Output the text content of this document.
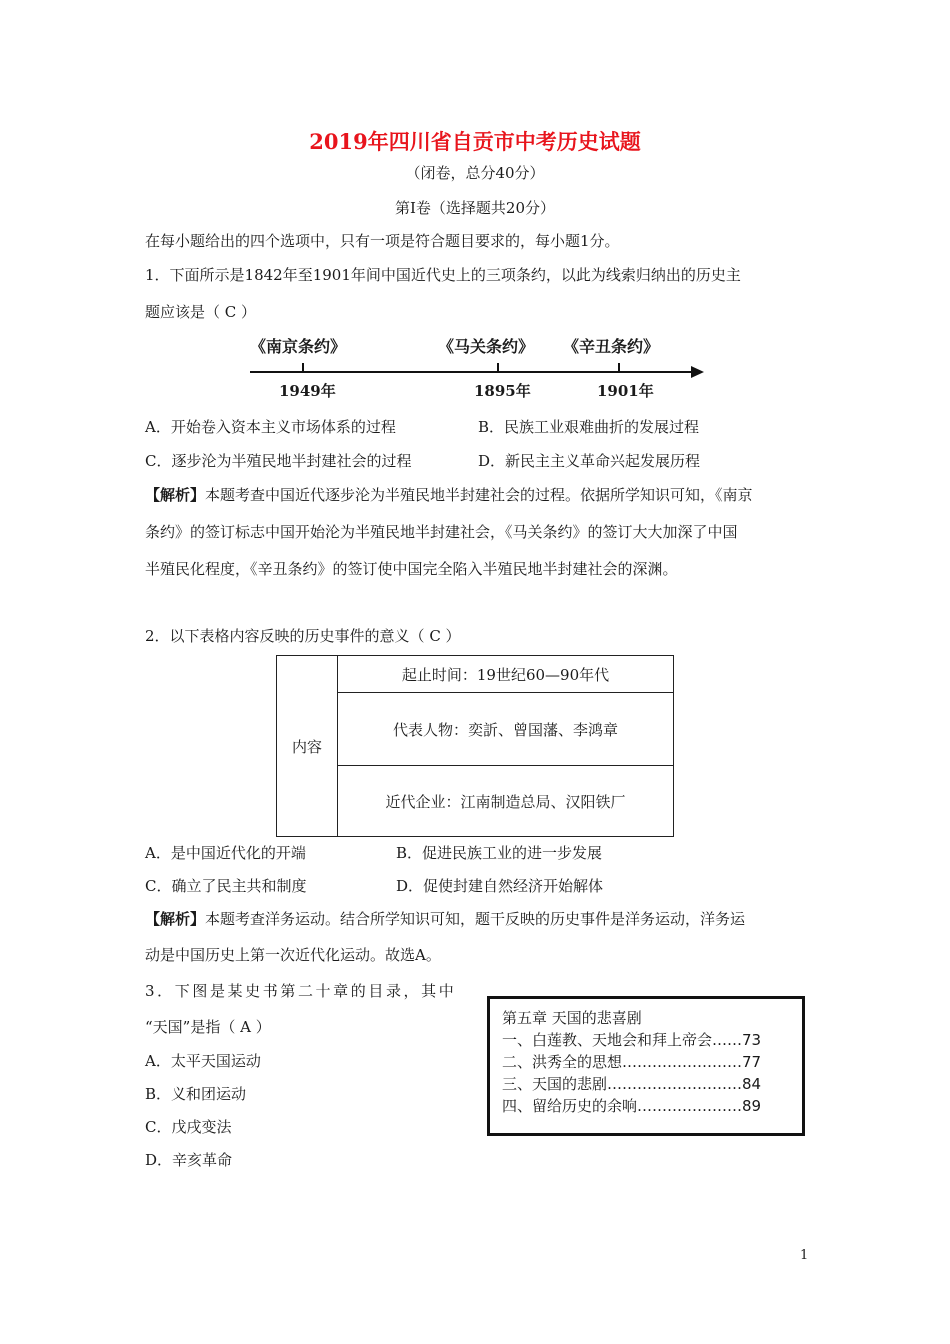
2019年四川省自贡市中考历史试题
（闭卷，总分40分）
第Ⅰ卷（选择题共20分）
在每小题给出的四个选项中，只有一项是符合题目要求的，每小题1分。
1．下面所示是1842年至1901年间中国近代史上的三项条约，以此为线索归纳出的历史主
题应该是（ C ）
《南京条约》	《马关条约》 《辛丑条约》
1949年	1895年	1901年
A．开始卷入资本主义市场体系的过程	B．民族工业艰难曲折的发展过程
C．逐步沦为半殖民地半封建社会的过程	D．新民主主义革命兴起发展历程
【解析】本题考查中国近代逐步沦为半殖民地半封建社会的过程。依据所学知识可知，《南京
条约》的签订标志中国开始沦为半殖民地半封建社会，《马关条约》的签订大大加深了中国
半殖民化程度，《辛丑条约》的签订使中国完全陷入半殖民地半封建社会的深渊。
2．以下表格内容反映的历史事件的意义（ C ）
内容
起止时间：19世纪60—90年代
代表人物：奕訢、曾国藩、李鸿章
近代企业：江南制造总局、汉阳铁厂
A．是中国近代化的开端	B．促进民族工业的进一步发展
C．确立了民主共和制度	D．促使封建自然经济开始解体
【解析】本题考查洋务运动。结合所学知识可知，题干反映的历史事件是洋务运动，洋务运
动是中国历史上第一次近代化运动。故选A。
3．下图是某史书第二十章的目录，其中
“天国”是指（ A ）
A．太平天国运动
B．义和团运动
C．戊戌变法
D．辛亥革命
第五章 天国的悲喜剧
一、白莲教、天地会和拜上帝会……73
二、洪秀全的思想……………………77
三、天国的悲剧………………………84
四、留给历史的余响…………………89
1
